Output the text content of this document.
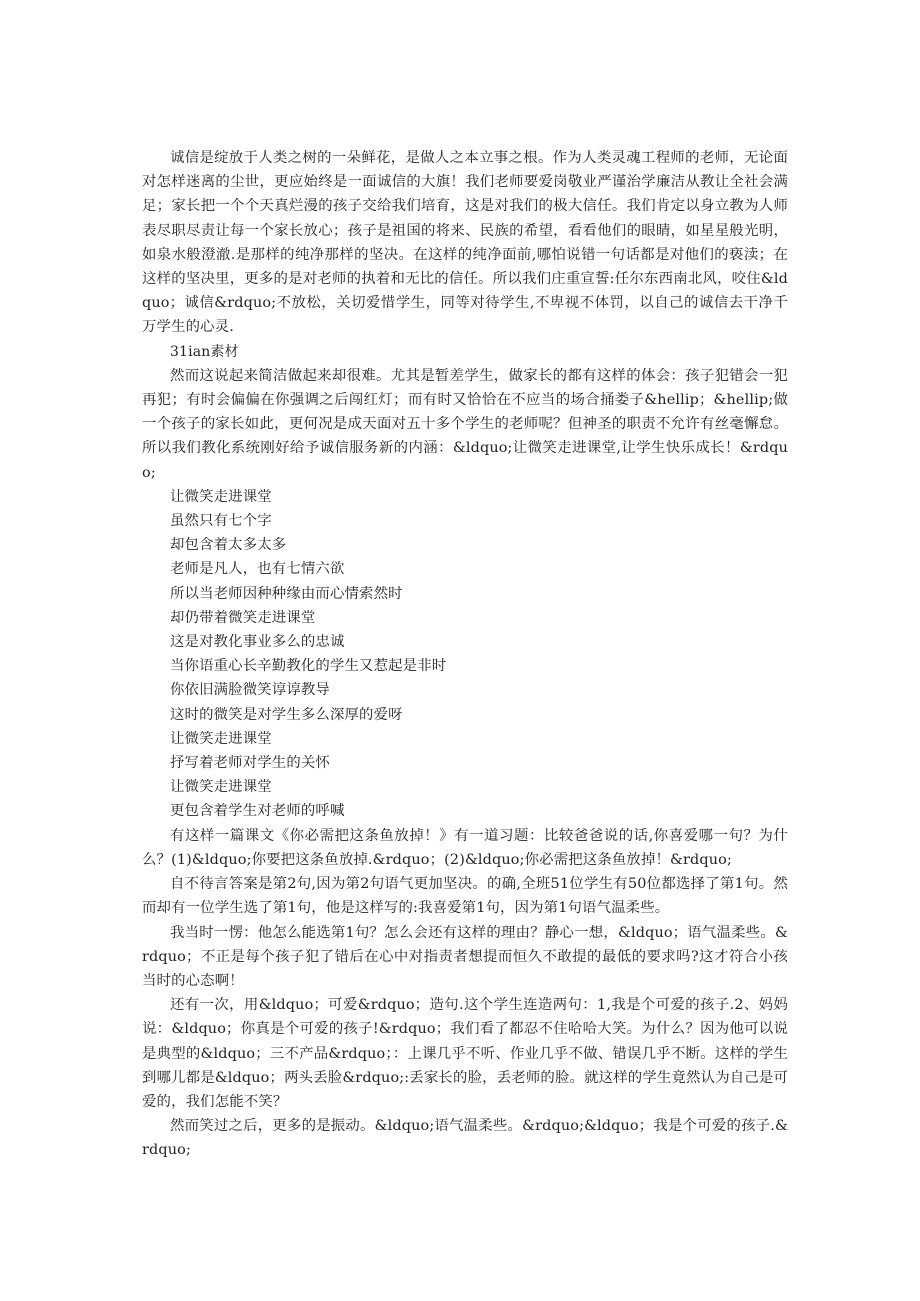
诚信是绽放于人类之树的一朵鲜花，是做人之本立事之根。作为人类灵魂工程师的老师，无论面对怎样迷离的尘世，更应始终是一面诚信的大旗！我们老师要爱岗敬业严谨治学廉洁从教让全社会满足；家长把一个个天真烂漫的孩子交给我们培育，这是对我们的极大信任。我们肯定以身立教为人师表尽职尽责让每一个家长放心；孩子是祖国的将来、民族的希望，看看他们的眼睛，如星星般光明，如泉水般澄澈.是那样的纯净那样的坚决。在这样的纯净面前,哪怕说错一句话都是对他们的亵渎；在这样的坚决里，更多的是对老师的执着和无比的信任。所以我们庄重宣誓:任尔东西南北风，咬住&ldquo；诚信&rdquo;不放松，关切爱惜学生，同等对待学生,不卑视不体罚，以自己的诚信去干净千万学生的心灵.

31ian素材

然而这说起来简洁做起来却很难。尤其是暂差学生，做家长的都有这样的体会：孩子犯错会一犯再犯；有时会偏偏在你强调之后闯红灯；而有时又恰恰在不应当的场合捅娄子&hellip；&hellip;做一个孩子的家长如此，更何况是成天面对五十多个学生的老师呢？但神圣的职责不允许有丝毫懈怠。所以我们教化系统刚好给予诚信服务新的内涵：&ldquo;让微笑走进课堂,让学生快乐成长！&rdquo;

让微笑走进课堂
虽然只有七个字
却包含着太多太多
老师是凡人，也有七情六欲
所以当老师因种种缘由而心情索然时
却仍带着微笑走进课堂
这是对教化事业多么的忠诚
当你语重心长辛勤教化的学生又惹起是非时
你依旧满脸微笑谆谆教导
这时的微笑是对学生多么深厚的爱呀
让微笑走进课堂
抒写着老师对学生的关怀
让微笑走进课堂
更包含着学生对老师的呼喊

有这样一篇课文《你必需把这条鱼放掉！》有一道习题：比较爸爸说的话,你喜爱哪一句？为什么？(1)&ldquo;你要把这条鱼放掉.&rdquo；(2)&ldquo;你必需把这条鱼放掉！&rdquo;

自不待言答案是第2句,因为第2句语气更加坚决。的确,全班51位学生有50位都选择了第1句。然而却有一位学生选了第1句，他是这样写的:我喜爱第1句，因为第1句语气温柔些。

我当时一愣：他怎么能选第1句？怎么会还有这样的理由？静心一想，&ldquo；语气温柔些。&rdquo；不正是每个孩子犯了错后在心中对指责者想提而恒久不敢提的最低的要求吗?这才符合小孩当时的心态啊！

还有一次，用&ldquo；可爱&rdquo；造句.这个学生连造两句：1,我是个可爱的孩子.2、妈妈说：&ldquo；你真是个可爱的孩子!&rdquo；我们看了都忍不住哈哈大笑。为什么？因为他可以说是典型的&ldquo；三不产品&rdquo；：上课几乎不听、作业几乎不做、错误几乎不断。这样的学生到哪儿都是&ldquo；两头丢脸&rdquo;:丢家长的脸，丢老师的脸。就这样的学生竟然认为自己是可爱的，我们怎能不笑？

然而笑过之后，更多的是振动。&ldquo;语气温柔些。&rdquo;&ldquo；我是个可爱的孩子.&rdquo;
